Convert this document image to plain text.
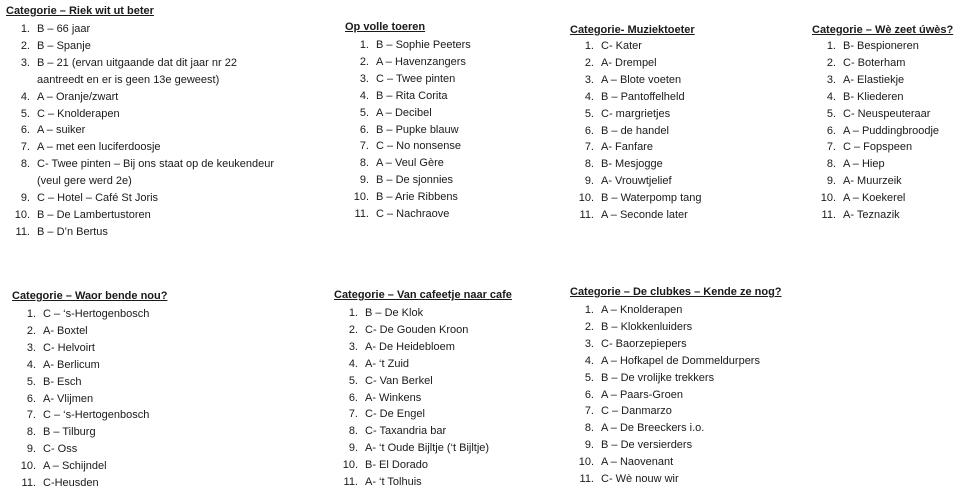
Categorie – Riek wit ut beter
1. B – 66 jaar
2. B – Spanje
3. B – 21 (ervan uitgaande dat dit jaar nr 22
aantreedt en er is geen 13e geweest)
4. A – Oranje/zwart
5. C – Knolderapen
6. A – suiker
7. A – met een luciferdoosje
8. C- Twee pinten – Bij ons staat op de keukendeur
(veul gere werd 2e)
9. C – Hotel – Café St Joris
10. B – De Lambertustoren
11. B – D’n Bertus
Op volle toeren
1. B – Sophie Peeters
2. A – Havenzangers
3. C – Twee pinten
4. B – Rita Corita
5. A – Decibel
6. B – Pupke blauw
7. C – No nonsense
8. A – Veul Gère
9. B – De sjonnies
10. B – Arie Ribbens
11. C – Nachraove
Categorie- Muziektoeter
1. C- Kater
2. A- Drempel
3. A – Blote voeten
4. B – Pantoffelheld
5. C- margrietjes
6. B – de handel
7. A- Fanfare
8. B- Mesjogge
9. A- Vrouwtjelief
10. B – Waterpomp tang
11. A – Seconde later
Categorie – Wè zeet úwès?
1. B- Bespioneren
2. C- Boterham
3. A- Elastiekje
4. B- Kliederen
5. C- Neuspeuteraar
6. A – Puddingbroodje
7. C – Fopspeen
8. A – Hiep
9. A- Muurzeik
10. A – Koekerel
11. A- Teznazik
Categorie – Waor bende nou?
1. C – ‘s-Hertogenbosch
2. A- Boxtel
3. C- Helvoirt
4. A- Berlicum
5. B- Esch
6. A- Vlijmen
7. C – ‘s-Hertogenbosch
8. B – Tilburg
9. C- Oss
10. A – Schijndel
11. C-Heusden
Categorie – Van cafeetje naar cafe
1. B – De Klok
2. C- De Gouden Kroon
3. A- De Heidebloem
4. A- ‘t Zuid
5. C- Van Berkel
6. A- Winkens
7. C- De Engel
8. C- Taxandria bar
9. A- ‘t Oude Bijltje (‘t Bijltje)
10. B- El Dorado
11. A- ‘t Tolhuis
Categorie – De clubkes – Kende ze nog?
1. A – Knolderapen
2. B – Klokkenluiders
3. C- Baorzepiepers
4. A – Hofkapel de Dommeldurpers
5. B – De vrolijke trekkers
6. A – Paars-Groen
7. C – Danmarzo
8. A – De Breeckers i.o.
9. B – De versierders
10. A – Naovenant
11. C- Wè nouw wir
